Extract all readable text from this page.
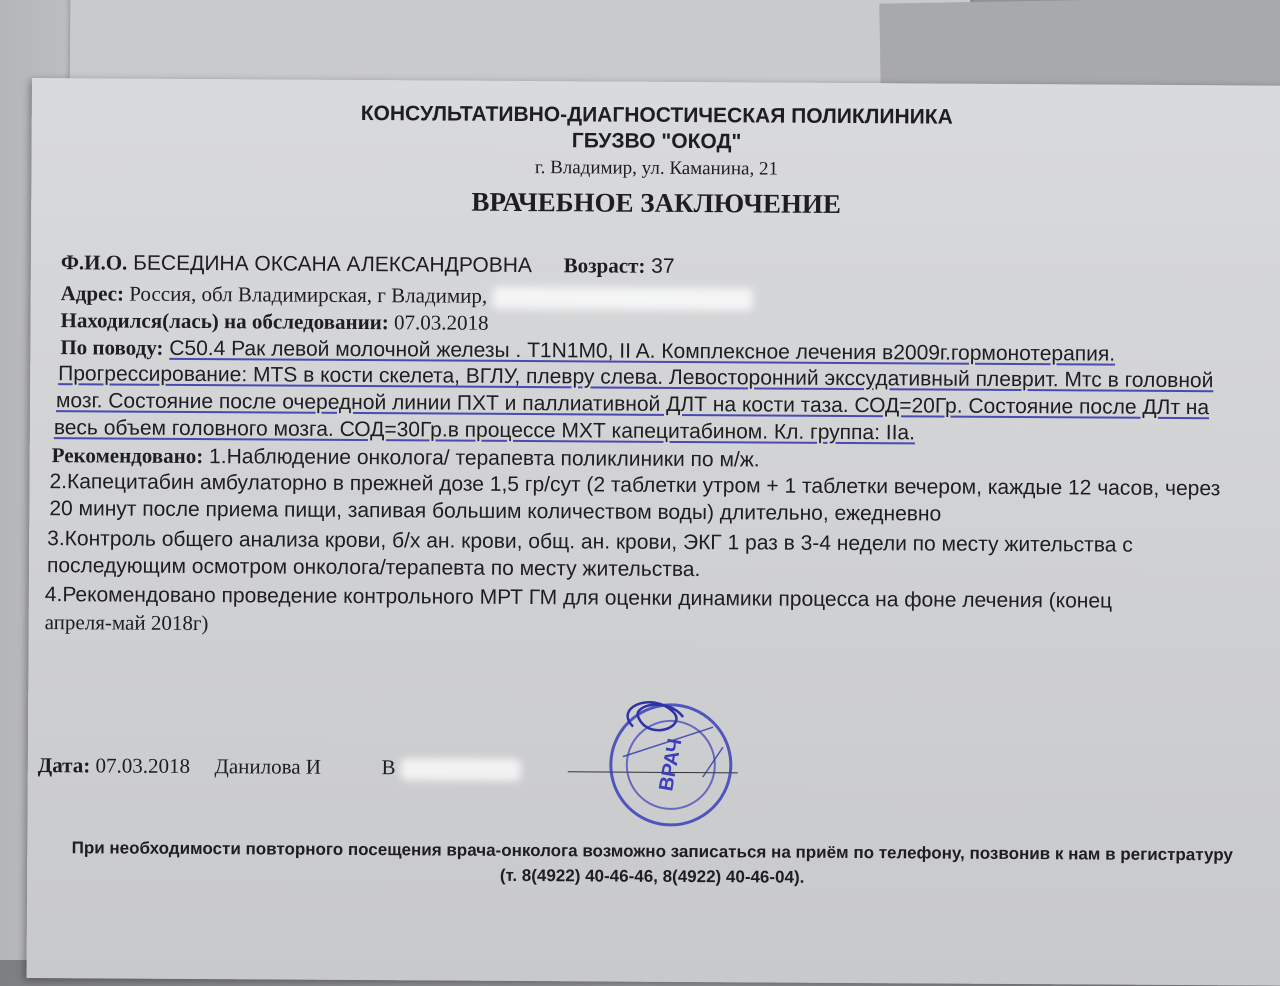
КОНСУЛЬТАТИВНО-ДИАГНОСТИЧЕСКАЯ ПОЛИКЛИНИКА
ГБУЗВО "ОКОД"
г. Владимир, ул. Каманина, 21
ВРАЧЕБНОЕ ЗАКЛЮЧЕНИЕ
Ф.И.О. БЕСЕДИНА ОКСАНА АЛЕКСАНДРОВНА Возраст: 37
Адрес: Россия, обл Владимирская, г Владимир,
Находился(лась) на обследовании: 07.03.2018
По поводу: C50.4 Рак левой молочной железы . T1N1M0, II A. Комплексное лечения в2009г.гормонотерапия.
Прогрессирование: MTS в кости скелета, ВГЛУ, плевру слева. Левосторонний экссудативный плеврит. Мтс в головной
мозг. Состояние после очередной линии ПХТ и паллиативной ДЛТ на кости таза. СОД=20Гр. Состояние после ДЛт на
весь объем головного мозга. СОД=30Гр.в процессе МХТ капецитабином. Кл. группа: IIа.
Рекомендовано: 1.Наблюдение онколога/ терапевта поликлиники по м/ж.
2.Капецитабин амбулаторно в прежней дозе 1,5 гр/сут (2 таблетки утром + 1 таблетки вечером, каждые 12 часов, через
20 минут после приема пищи, запивая большим количеством воды) длительно, ежедневно
3.Контроль общего анализа крови, б/х ан. крови, общ. ан. крови, ЭКГ 1 раз в 3-4 недели по месту жительства с
последующим осмотром онколога/терапевта по месту жительства.
4.Рекомендовано проведение контрольного МРТ ГМ для оценки динамики процесса на фоне лечения (конец
апреля-май 2018г)
Дата: 07.03.2018 Данилова И	В	ВРАЧ
При необходимости повторного посещения врача-онколога возможно записаться на приём по телефону, позвонив к нам в регистратуру
(т. 8(4922) 40-46-46, 8(4922) 40-46-04).
